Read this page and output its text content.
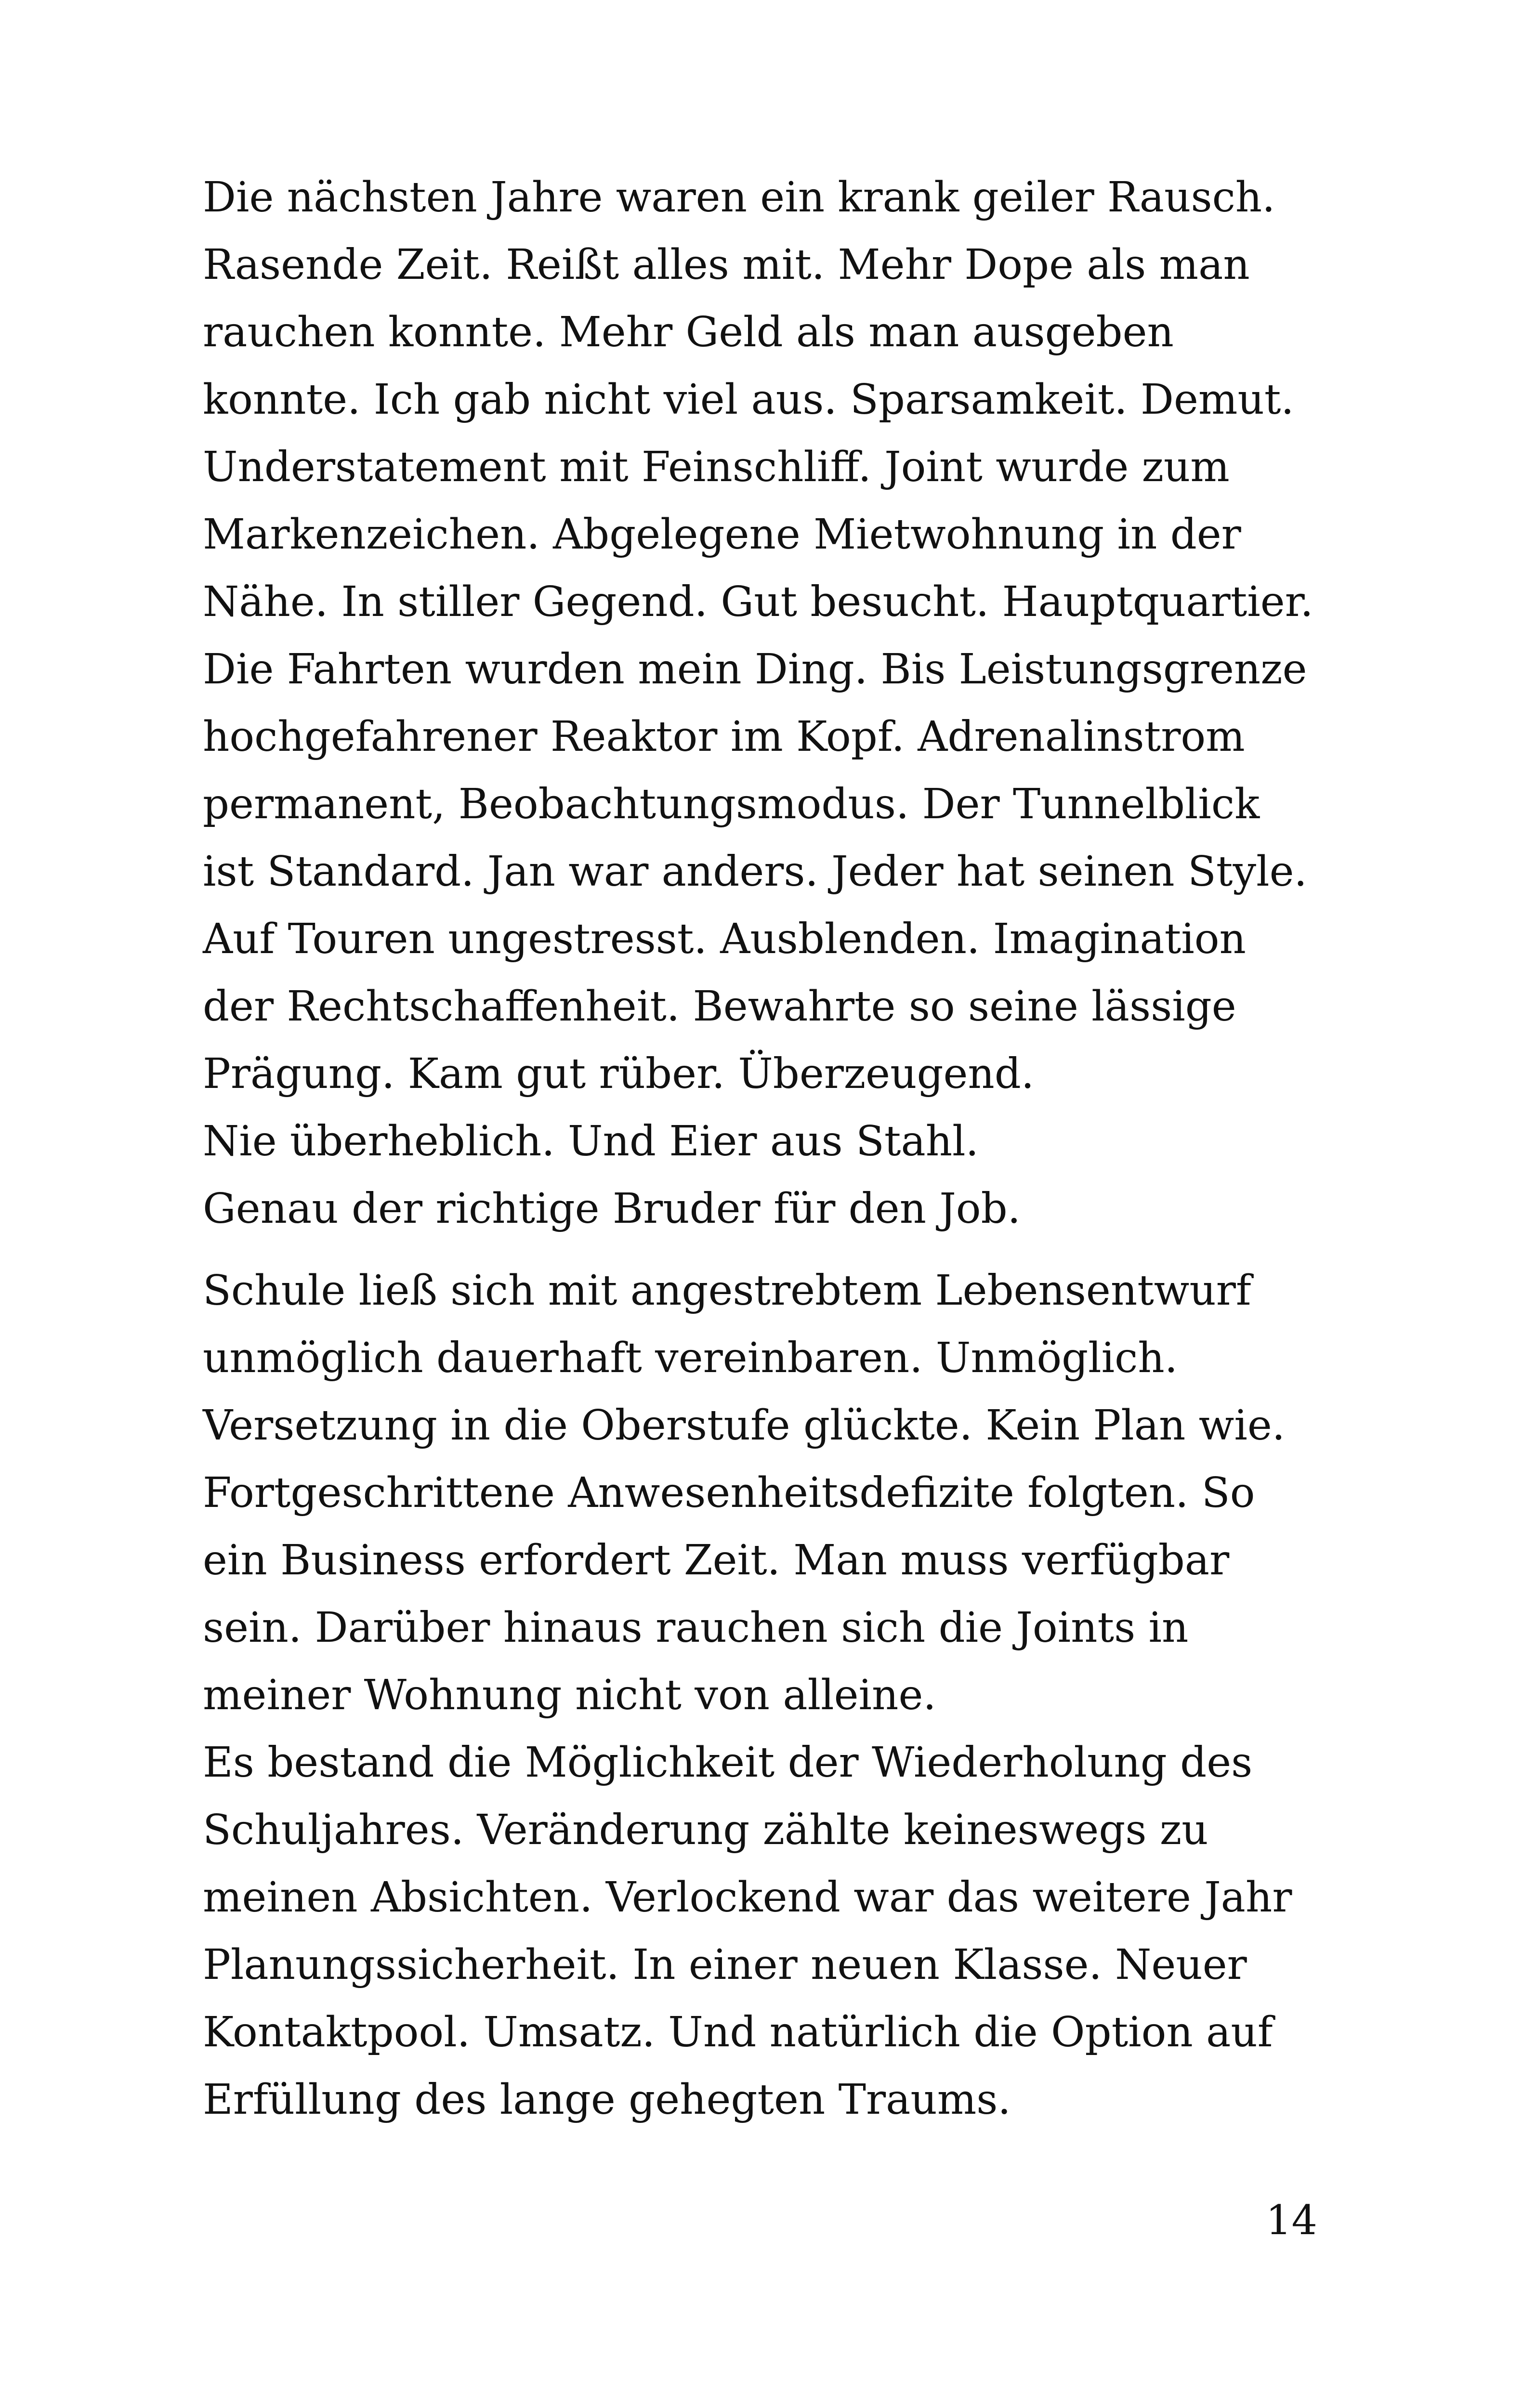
Die nächsten Jahre waren ein krank geiler Rausch.
Rasende Zeit. Reißt alles mit. Mehr Dope als man
rauchen konnte. Mehr Geld als man ausgeben
konnte. Ich gab nicht viel aus. Sparsamkeit. Demut.
Understatement mit Feinschliff. Joint wurde zum
Markenzeichen. Abgelegene Mietwohnung in der
Nähe. In stiller Gegend. Gut besucht. Hauptquartier.
Die Fahrten wurden mein Ding. Bis Leistungsgrenze
hochgefahrener Reaktor im Kopf. Adrenalinstrom
permanent, Beobachtungsmodus. Der Tunnelblick
ist Standard. Jan war anders. Jeder hat seinen Style.
Auf Touren ungestresst. Ausblenden. Imagination
der Rechtschaffenheit. Bewahrte so seine lässige
Prägung. Kam gut rüber. Überzeugend.
Nie überheblich. Und Eier aus Stahl.
Genau der richtige Bruder für den Job.
Schule ließ sich mit angestrebtem Lebensentwurf
unmöglich dauerhaft vereinbaren. Unmöglich.
Versetzung in die Oberstufe glückte. Kein Plan wie.
Fortgeschrittene Anwesenheitsdefizite folgten. So
ein Business erfordert Zeit. Man muss verfügbar
sein. Darüber hinaus rauchen sich die Joints in
meiner Wohnung nicht von alleine.
Es bestand die Möglichkeit der Wiederholung des
Schuljahres. Veränderung zählte keineswegs zu
meinen Absichten. Verlockend war das weitere Jahr
Planungssicherheit. In einer neuen Klasse. Neuer
Kontaktpool. Umsatz. Und natürlich die Option auf
Erfüllung des lange gehegten Traums.
14
